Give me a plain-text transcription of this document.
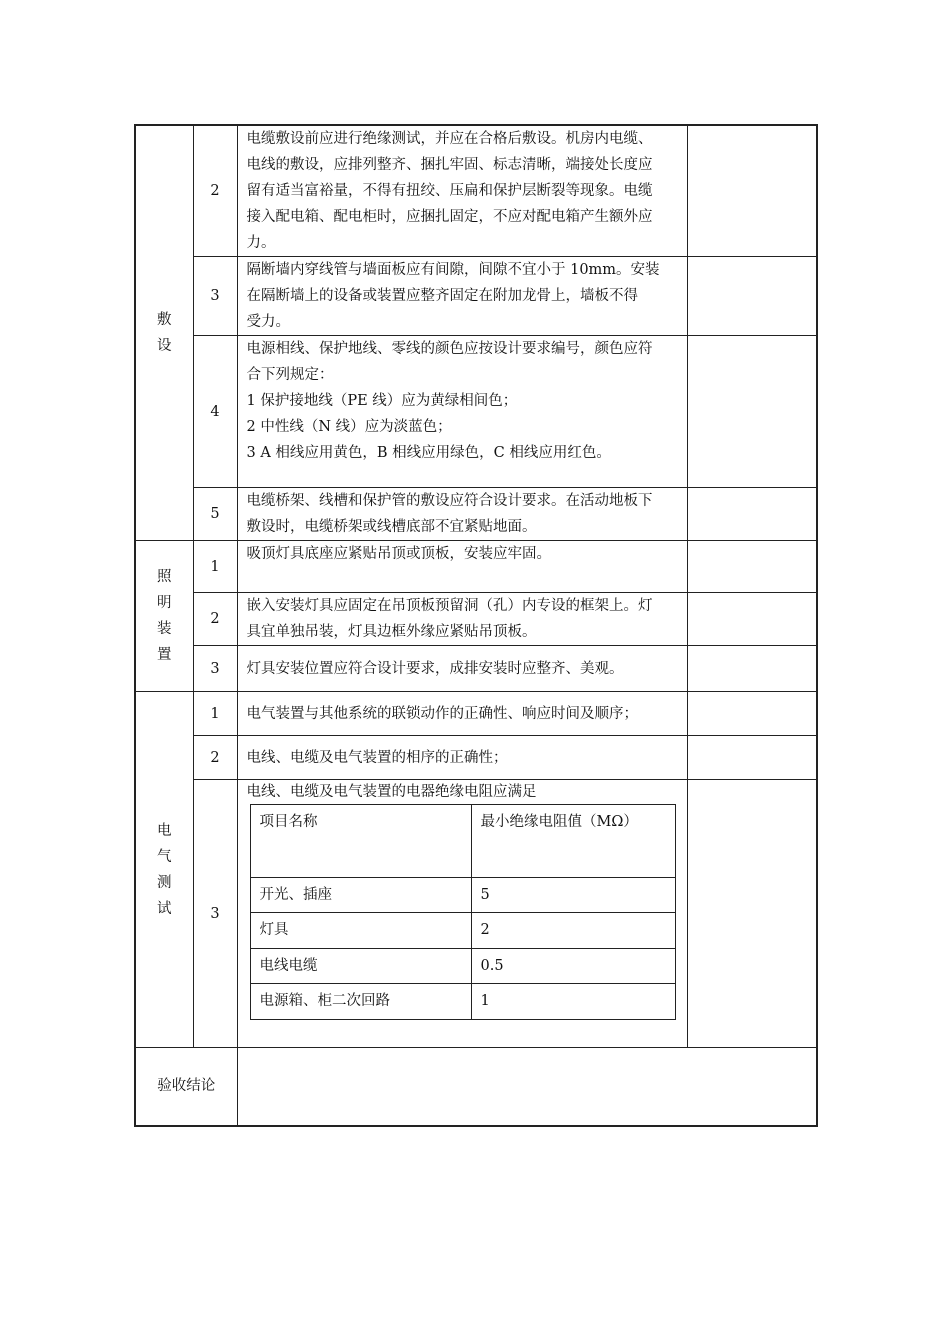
敷设	2	
电缆敷设前应进行绝缘测试，并应在合格后敷设。机房内电缆、
电线的敷设，应排列整齐、捆扎牢固、标志清晰，端接处长度应
留有适当富裕量，不得有扭绞、压扁和保护层断裂等现象。电缆
接入配电箱、配电柜时，应捆扎固定，不应对配电箱产生额外应
力。

3	
隔断墙内穿线管与墙面板应有间隙，间隙不宜小于 10mm。安装
在隔断墙上的设备或装置应整齐固定在附加龙骨上，墙板不得
受力。

4	
电源相线、保护地线、零线的颜色应按设计要求编号，颜色应符
合下列规定：
1 保护接地线（PE 线）应为黄绿相间色；
2 中性线（N 线）应为淡蓝色；
3 A 相线应用黄色，B 相线应用绿色，C 相线应用红色。

5	
电缆桥架、线槽和保护管的敷设应符合设计要求。在活动地板下
敷设时，电缆桥架或线槽底部不宜紧贴地面。

照明装置	1	
吸顶灯具底座应紧贴吊顶或顶板，安装应牢固。

2	
嵌入安装灯具应固定在吊顶板预留洞（孔）内专设的框架上。灯
具宜单独吊装，灯具边框外缘应紧贴吊顶板。

3	灯具安装位置应符合设计要求，成排安装时应整齐、美观。

电气测试	1	电气装置与其他系统的联锁动作的正确性、响应时间及顺序；

2	电线、电缆及电气装置的相序的正确性；

3	
电线、电缆及电气装置的电器绝缘电阻应满足
项目名称	最小绝缘电阻值（MΩ）
开光、插座	5
灯具	2
电线电缆	0.5
电源箱、柜二次回路	1

验收结论	
